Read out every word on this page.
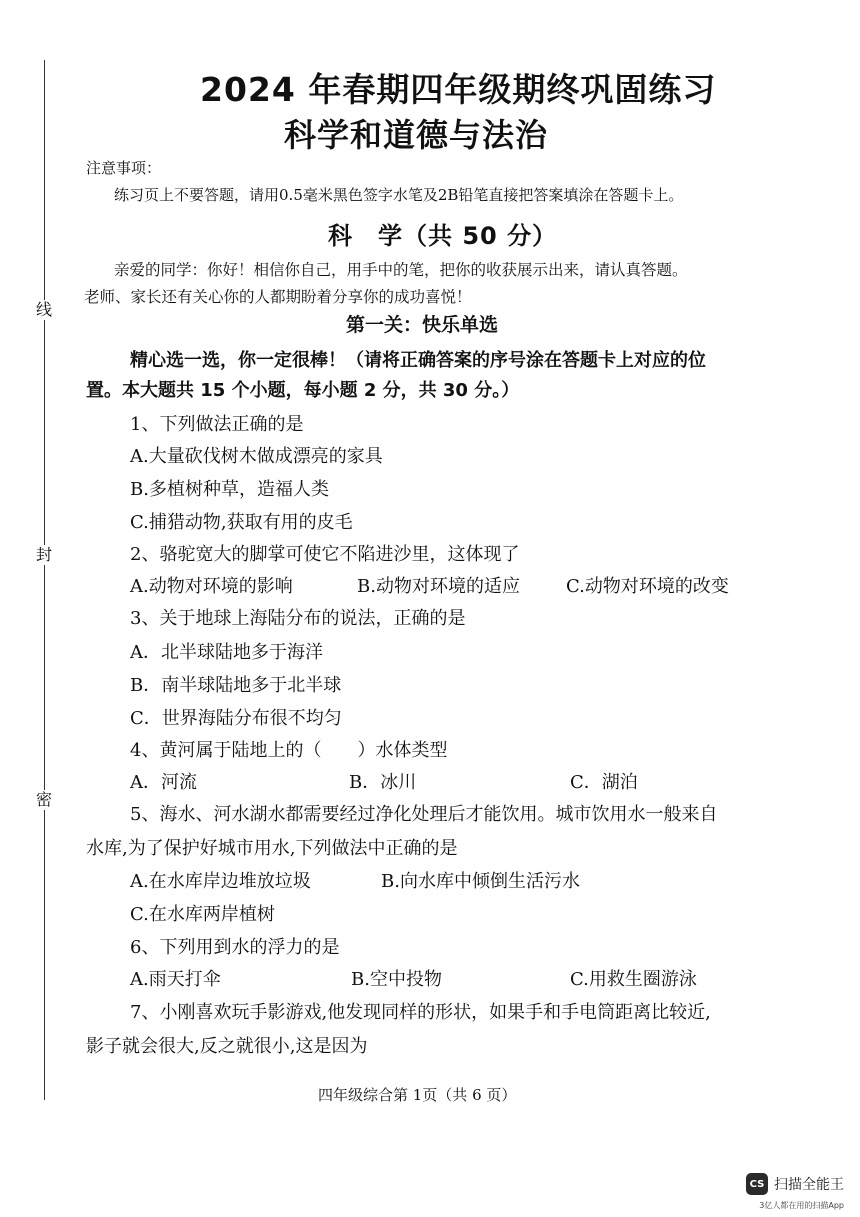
线
封
密
2024 年春期四年级期终巩固练习
科学和道德与法治
注意事项：
练习页上不要答题，请用0.5毫米黑色签字水笔及2B铅笔直接把答案填涂在答题卡上。
科　学（共 50 分）
亲爱的同学：你好！相信你自己，用手中的笔，把你的收获展示出来，请认真答题。
老师、家长还有关心你的人都期盼着分享你的成功喜悦！
第一关：快乐单选
精心选一选，你一定很棒！（请将正确答案的序号涂在答题卡上对应的位
置。本大题共 15 个小题，每小题 2 分，共 30 分。）
1、下列做法正确的是
A.大量砍伐树木做成漂亮的家具
B.多植树种草，造福人类
C.捕猎动物,获取有用的皮毛
2、骆驼宽大的脚掌可使它不陷进沙里，这体现了
A.动物对环境的影响	B.动物对环境的适应	C.动物对环境的改变
3、关于地球上海陆分布的说法，正确的是
A．北半球陆地多于海洋
B．南半球陆地多于北半球
C．世界海陆分布很不均匀
4、黄河属于陆地上的（　　）水体类型
A．河流	B．冰川	C．湖泊
5、海水、河水湖水都需要经过净化处理后才能饮用。城市饮用水一般来自
水库,为了保护好城市用水,下列做法中正确的是
A.在水库岸边堆放垃圾	B.向水库中倾倒生活污水
C.在水库两岸植树
6、下列用到水的浮力的是
A.雨天打伞	B.空中投物	C.用救生圈游泳
7、小刚喜欢玩手影游戏,他发现同样的形状，如果手和手电筒距离比较近,
影子就会很大,反之就很小,这是因为
四年级综合第 1页（共 6 页）
CS 扫描全能王
3亿人都在用的扫描App
